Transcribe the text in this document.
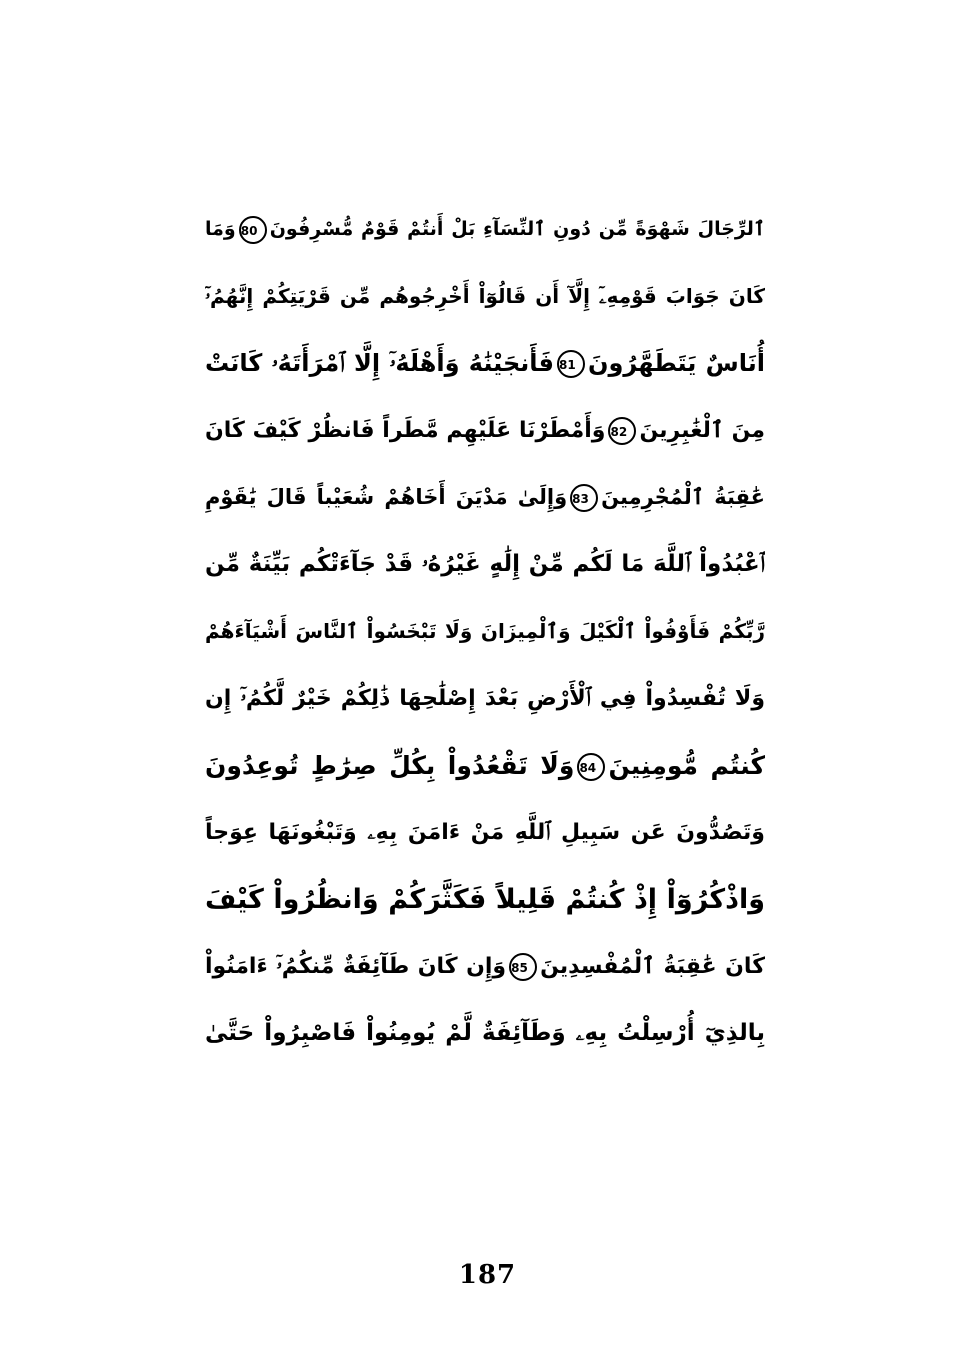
ٱلرِّجَالَ شَهْوَةً مِّن دُونِ ٱلنِّسَآءِ بَلْ أَنتُمْ قَوْمٌ مُّسْرِفُونَ80وَمَا
كَانَ جَوَابَ قَوْمِهِۦٓ إِلَّآ أَن قَالُوٓاْ أَخْرِجُوهُم مِّن قَرْيَتِكُمْ إِنَّهُمُۥٓ
أُنَاسٌ يَتَطَهَّرُونَ81فَأَنجَيْنَٰهُ وَأَهْلَهُۥٓ إِلَّا ٱمْرَأَتَهُۥ كَانَتْ
مِنَ ٱلْغَٰبِرِينَ82وَأَمْطَرْنَا عَلَيْهِم مَّطَراً فَانظُرْ كَيْفَ كَانَ
عَٰقِبَةُ ٱلْمُجْرِمِينَ83وَإِلَىٰ مَدْيَنَ أَخَاهُمْ شُعَيْباً قَالَ يَٰقَوْمِ
ٱعْبُدُواْ ٱللَّهَ مَا لَكُم مِّنْ إِلَٰهٍ غَيْرُهُۥ قَدْ جَآءَتْكُم بَيِّنَةٌ مِّن
رَّبِّكُمْ فَأَوْفُواْ ٱلْكَيْلَ وَٱلْمِيزَانَ وَلَا تَبْخَسُواْ ٱلنَّاسَ أَشْيَآءَهُمْ
وَلَا تُفْسِدُواْ فِي ٱلْأَرْضِ بَعْدَ إِصْلَٰحِهَا ذَٰلِكُمْ خَيْرٌ لَّكُمُۥٓ إِن
كُنتُم مُّومِنِينَ84وَلَا تَقْعُدُواْ بِكُلِّ صِرَٰطٍ تُوعِدُونَ
وَتَصُدُّونَ عَن سَبِيلِ ٱللَّهِ مَنْ ءَامَنَ بِهِۦ وَتَبْغُونَهَا عِوَجاً
وَاذْكُرُوٓاْ إِذْ كُنتُمْ قَلِيلاً فَكَثَّرَكُمْ وَانظُرُواْ كَيْفَ
كَانَ عَٰقِبَةُ ٱلْمُفْسِدِينَ85وَإِن كَانَ طَآئِفَةٌ مِّنكُمُۥٓ ءَامَنُواْ
بِالذِيٓ أُرْسِلْتُ بِهِۦ وَطَآئِفَةٌ لَّمْ يُومِنُواْ فَاصْبِرُواْ حَتَّىٰ
187
